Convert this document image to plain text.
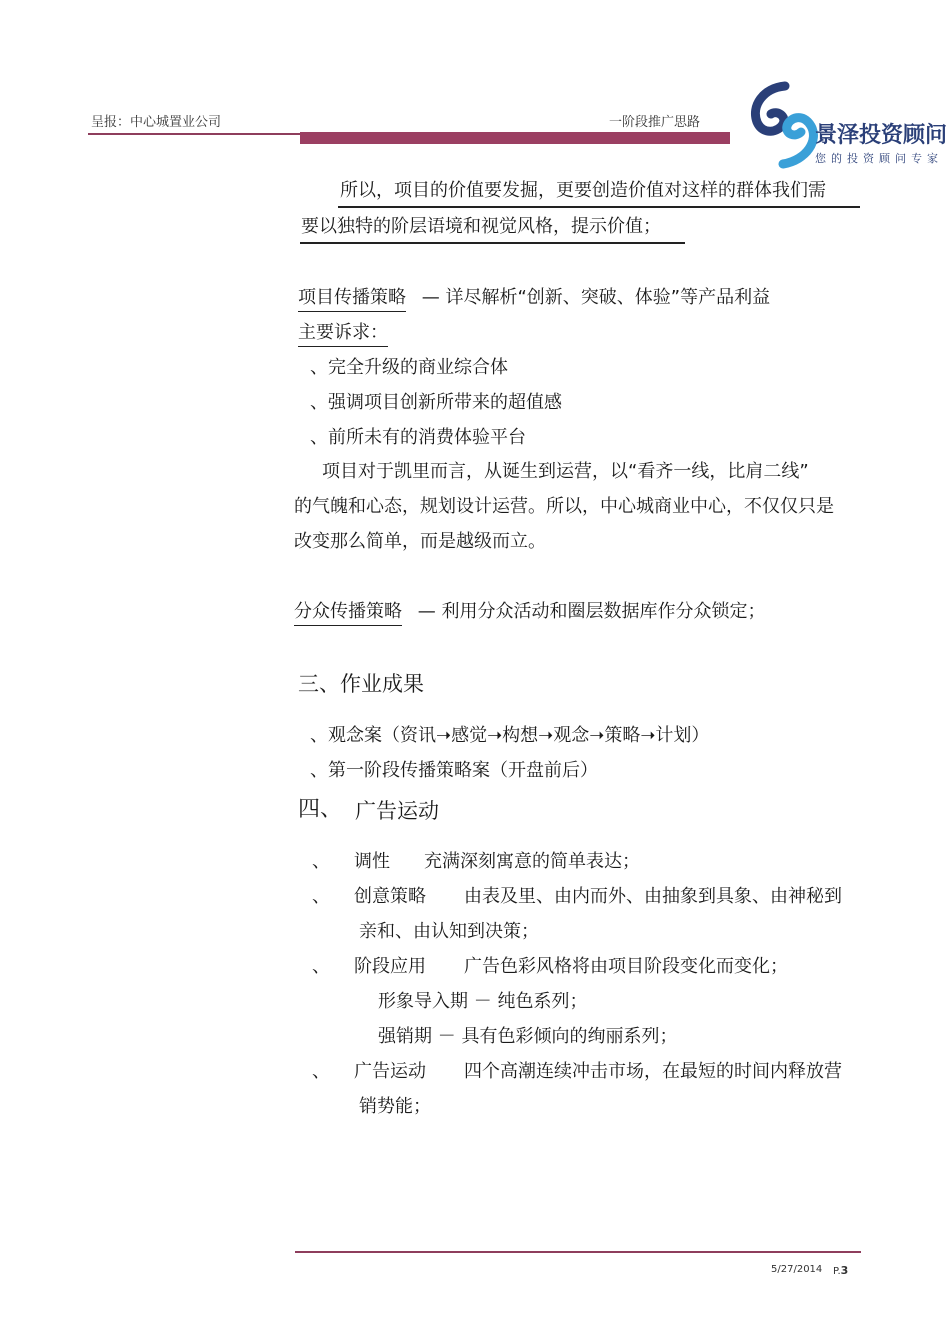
呈报：中心城置业公司	一阶段推广思路	景泽投资顾问
您的投资顾问专家
所以，项目的价值要发掘，更要创造价值对这样的群体我们需
要以独特的阶层语境和视觉风格，提示价值；
项目传播策略 — 详尽解析“创新、突破、体验”等产品利益
主要诉求：
、完全升级的商业综合体
、强调项目创新所带来的超值感
、前所未有的消费体验平台
项目对于凯里而言，从诞生到运营，以“看齐一线，比肩二线”
的气魄和心态，规划设计运营。所以，中心城商业中心，不仅仅只是
改变那么简单，而是越级而立。
分众传播策略 — 利用分众活动和圈层数据库作分众锁定；
三、作业成果
、观念案（资讯➝感觉➝构想➝观念➝策略➝计划）
、第一阶段传播策略案（开盘前后）
四、 广告运动
、 调性 充满深刻寓意的简单表达；
、 创意策略 由表及里、由内而外、由抽象到具象、由神秘到
亲和、由认知到决策；
、 阶段应用 广告色彩风格将由项目阶段变化而变化；
形象导入期 － 纯色系列；
强销期 － 具有色彩倾向的绚丽系列；
、 广告运动 四个高潮连续冲击市场，在最短的时间内释放营
销势能；
5/27/2014 P.3
